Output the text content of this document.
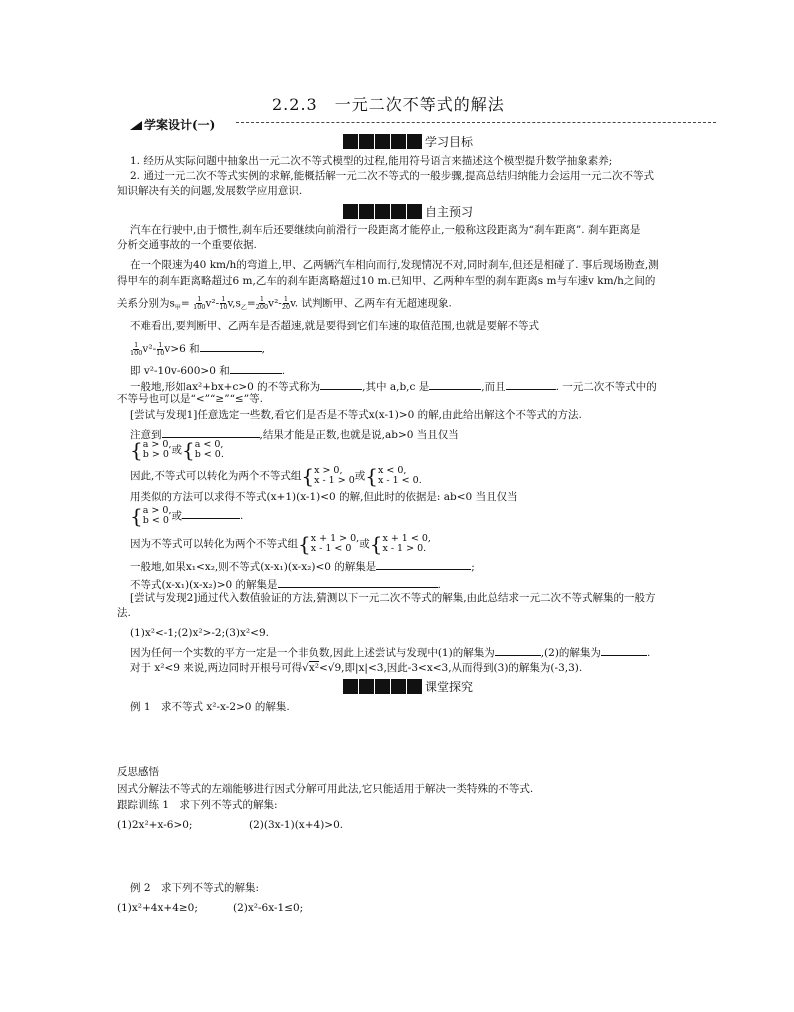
2.2.3　一元二次不等式的解法
学案设计(一)
学习目标
1. 经历从实际问题中抽象出一元二次不等式模型的过程,能用符号语言来描述这个模型提升数学抽象素养;
2. 通过一元二次不等式实例的求解,能概括解一元二次不等式的一般步骤,提高总结归纳能力会运用一元二次不等式
知识解决有关的问题,发展数学应用意识.
自主预习
汽车在行驶中,由于惯性,刹车后还要继续向前滑行一段距离才能停止,一般称这段距离为“刹车距离”. 刹车距离是
分析交通事故的一个重要依据.
在一个限速为40 km/h的弯道上,甲、乙两辆汽车相向而行,发现情况不对,同时刹车,但还是相碰了. 事后现场勘查,测
得甲车的刹车距离略超过6 m,乙车的刹车距离略超过10 m.已知甲、乙两种车型的刹车距离s m与车速v km/h之间的
关系分别为$s_甲= \frac{1}{100} v^2- \frac{1}{10} v,s_乙= \frac{1}{200} v^2- \frac{1}{20} v$. 试判断甲、乙两车有无超速现象.
不难看出,要判断甲、乙两车是否超速,就是要得到它们车速的取值范围,也就是要解不等式
$\frac{1}{100} v^2- \frac{1}{10} v>6$ 和	,
即 v²-10v-600>0 和	.
一般地,形如ax²+bx+c>0 的不等式称为	,其中 a,b,c 是	,而且	. 一元二次不等式中的
不等号也可以是“<”“≥”“≤”等.
[尝试与发现1]任意选定一些数,看它们是否是不等式x(x-1)>0 的解,由此给出解这个不等式的方法.
注意到	,结果才能是正数,也就是说,ab>0 当且仅当
{ a > 0,
b > 0 或 { a < 0,
b < 0.
因此,不等式可以转化为两个不等式组 { x > 0,
x - 1 > 0 或 { x < 0,
x - 1 < 0.
用类似的方法可以求得不等式(x+1)(x-1)<0 的解,但此时的依据是: ab<0 当且仅当
{ a > 0,
b < 0 或	.
因为不等式可以转化为两个不等式组 { x + 1 > 0,
x - 1 < 0 或 { x + 1 < 0,
x - 1 > 0.
一般地,如果x₁<x₂,则不等式(x-x₁)(x-x₂)<0 的解集是	;
不等式(x-x₁)(x-x₂)>0 的解集是	.
[尝试与发现2]通过代入数值验证的方法,猜测以下一元二次不等式的解集,由此总结求一元二次不等式解集的一般方
法.
(1)x²<-1;(2)x²>-2;(3)x²<9.
因为任何一个实数的平方一定是一个非负数,因此上述尝试与发现中(1)的解集为	,(2)的解集为	.
对于 x²<9 来说,两边同时开根号可得√x²<√9,即|x|<3,因此-3<x<3,从而得到(3)的解集为(-3,3).
课堂探究
例 1　求不等式 x²-x-2>0 的解集.
反思感悟
因式分解法不等式的左端能够进行因式分解可用此法,它只能适用于解决一类特殊的不等式.
跟踪训练 1　求下列不等式的解集:
(1)2x²+x-6>0;	(2)(3x-1)(x+4)>0.
例 2　求下列不等式的解集:
(1)x²+4x+4≥0;	(2)x²-6x-1≤0;
